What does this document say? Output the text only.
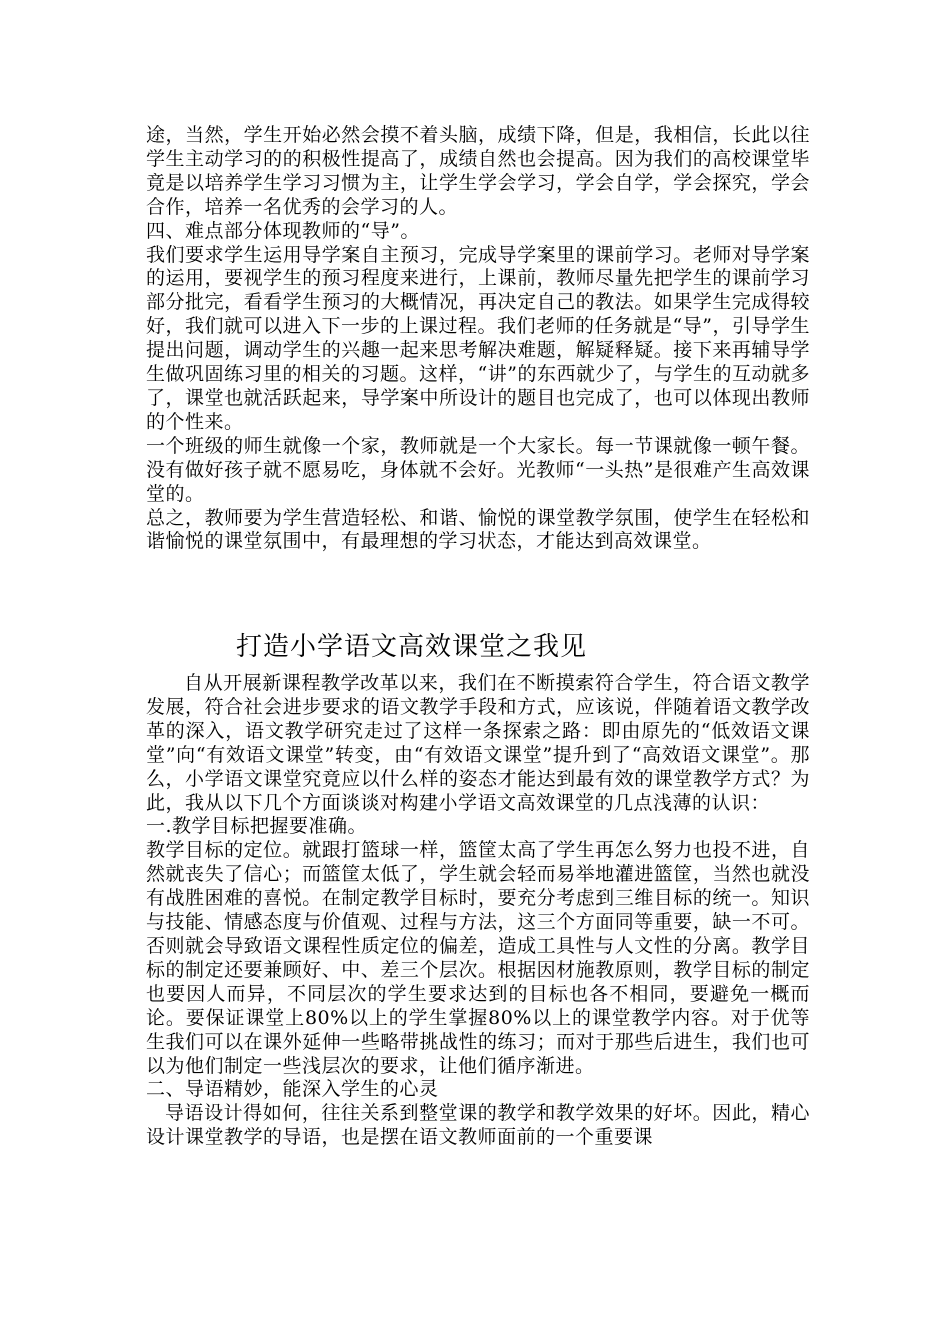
途，当然，学生开始必然会摸不着头脑，成绩下降，但是，我相信，长此以往学生主动学习的的积极性提高了，成绩自然也会提高。因为我们的高校课堂毕竟是以培养学生学习习惯为主，让学生学会学习，学会自学，学会探究，学会合作，培养一名优秀的会学习的人。

四、难点部分体现教师的“导”。

我们要求学生运用导学案自主预习，完成导学案里的课前学习。老师对导学案的运用，要视学生的预习程度来进行，上课前，教师尽量先把学生的课前学习部分批完，看看学生预习的大概情况，再决定自己的教法。如果学生完成得较好，我们就可以进入下一步的上课过程。我们老师的任务就是“导”，引导学生提出问题，调动学生的兴趣一起来思考解决难题，解疑释疑。接下来再辅导学生做巩固练习里的相关的习题。这样，“讲”的东西就少了，与学生的互动就多了，课堂也就活跃起来，导学案中所设计的题目也完成了，也可以体现出教师的个性来。

一个班级的师生就像一个家，教师就是一个大家长。每一节课就像一顿午餐。没有做好孩子就不愿易吃，身体就不会好。光教师“一头热”是很难产生高效课堂的。

总之，教师要为学生营造轻松、和谐、愉悦的课堂教学氛围，使学生在轻松和谐愉悦的课堂氛围中，有最理想的学习状态，才能达到高效课堂。

打造小学语文高效课堂之我见

自从开展新课程教学改革以来，我们在不断摸索符合学生，符合语文教学发展，符合社会进步要求的语文教学手段和方式，应该说，伴随着语文教学改革的深入，语文教学研究走过了这样一条探索之路：即由原先的“低效语文课堂”向“有效语文课堂”转变，由“有效语文课堂”提升到了“高效语文课堂”。那么，小学语文课堂究竟应以什么样的姿态才能达到最有效的课堂教学方式？为此，我从以下几个方面谈谈对构建小学语文高效课堂的几点浅薄的认识：

一.教学目标把握要准确。

教学目标的定位。就跟打篮球一样，篮筐太高了学生再怎么努力也投不进，自然就丧失了信心；而篮筐太低了，学生就会轻而易举地灌进篮筐，当然也就没有战胜困难的喜悦。在制定教学目标时，要充分考虑到三维目标的统一。知识与技能、情感态度与价值观、过程与方法，这三个方面同等重要，缺一不可。否则就会导致语文课程性质定位的偏差，造成工具性与人文性的分离。教学目标的制定还要兼顾好、中、差三个层次。根据因材施教原则，教学目标的制定也要因人而异，不同层次的学生要求达到的目标也各不相同，要避免一概而论。要保证课堂上80%以上的学生掌握80%以上的课堂教学内容。对于优等生我们可以在课外延伸一些略带挑战性的练习；而对于那些后进生，我们也可以为他们制定一些浅层次的要求，让他们循序渐进。

二、导语精妙，能深入学生的心灵

导语设计得如何，往往关系到整堂课的教学和教学效果的好坏。因此，精心设计课堂教学的导语，也是摆在语文教师面前的一个重要课
